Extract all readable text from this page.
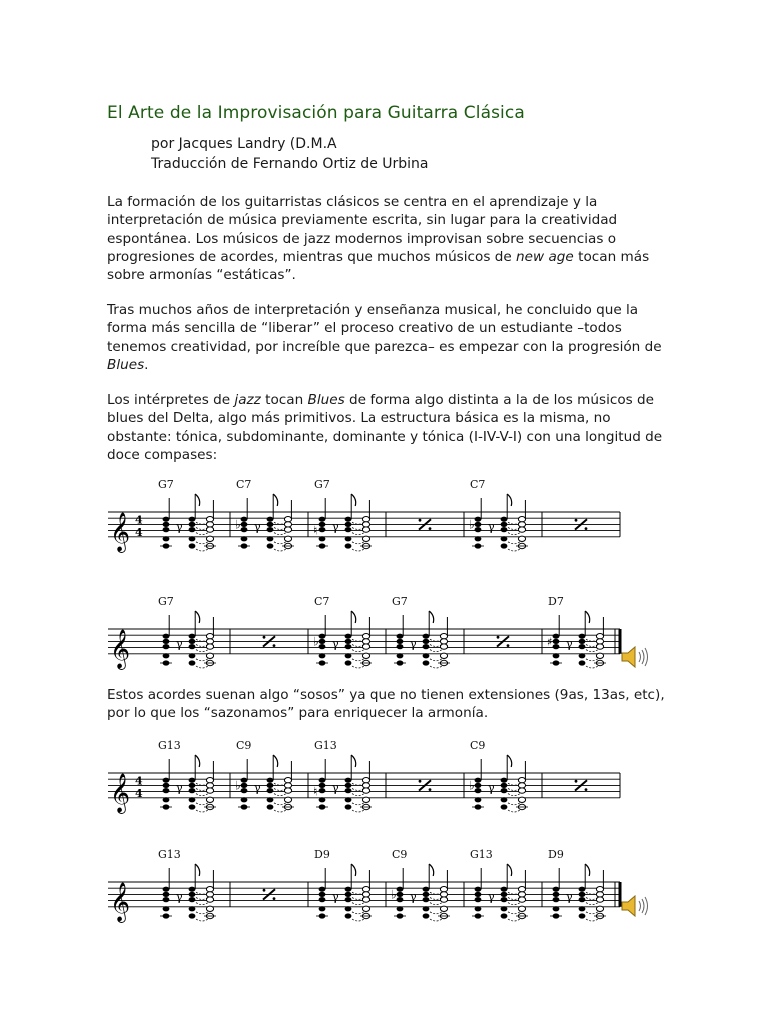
El Arte de la Improvisación para Guitarra Clásica
por Jacques Landry (D.M.A
Traducción de Fernando Ortiz de Urbina

La formación de los guitarristas clásicos se centra en el aprendizaje y la interpretación de música previamente escrita, sin lugar para la creatividad espontánea. Los músicos de jazz modernos improvisan sobre secuencias o progresiones de acordes, mientras que muchos músicos de new age tocan más sobre armonías “estáticas”.

Tras muchos años de interpretación y enseñanza musical, he concluido que la forma más sencilla de “liberar” el proceso creativo de un estudiante –todos tenemos creatividad, por increíble que parezca– es empezar con la progresión de Blues.

Los intérpretes de jazz tocan Blues de forma algo distinta a la de los músicos de blues del Delta, algo más primitivos. La estructura básica es la misma, no obstante: tónica, subdominante, dominante y tónica (I-IV-V-I) con una longitud de doce compases:

𝄞 4
4	γ
G7
♭ γ
C7
♮ γ
G7
♭ γ
C7
𝄞	γ
G7
♭ γ
C7
γ
G7
♯ γ
D7

Estos acordes suenan algo “sosos” ya que no tienen extensiones (9as, 13as, etc), por lo que los “sazonamos” para enriquecer la armonía.

𝄞 4
4	γ
G13
♭ γ
C9
♮ γ
G13
♭ γ
C9
𝄞	γ
G13
γ
D9
♭ γ
C9
γ
G13
γ
D9
